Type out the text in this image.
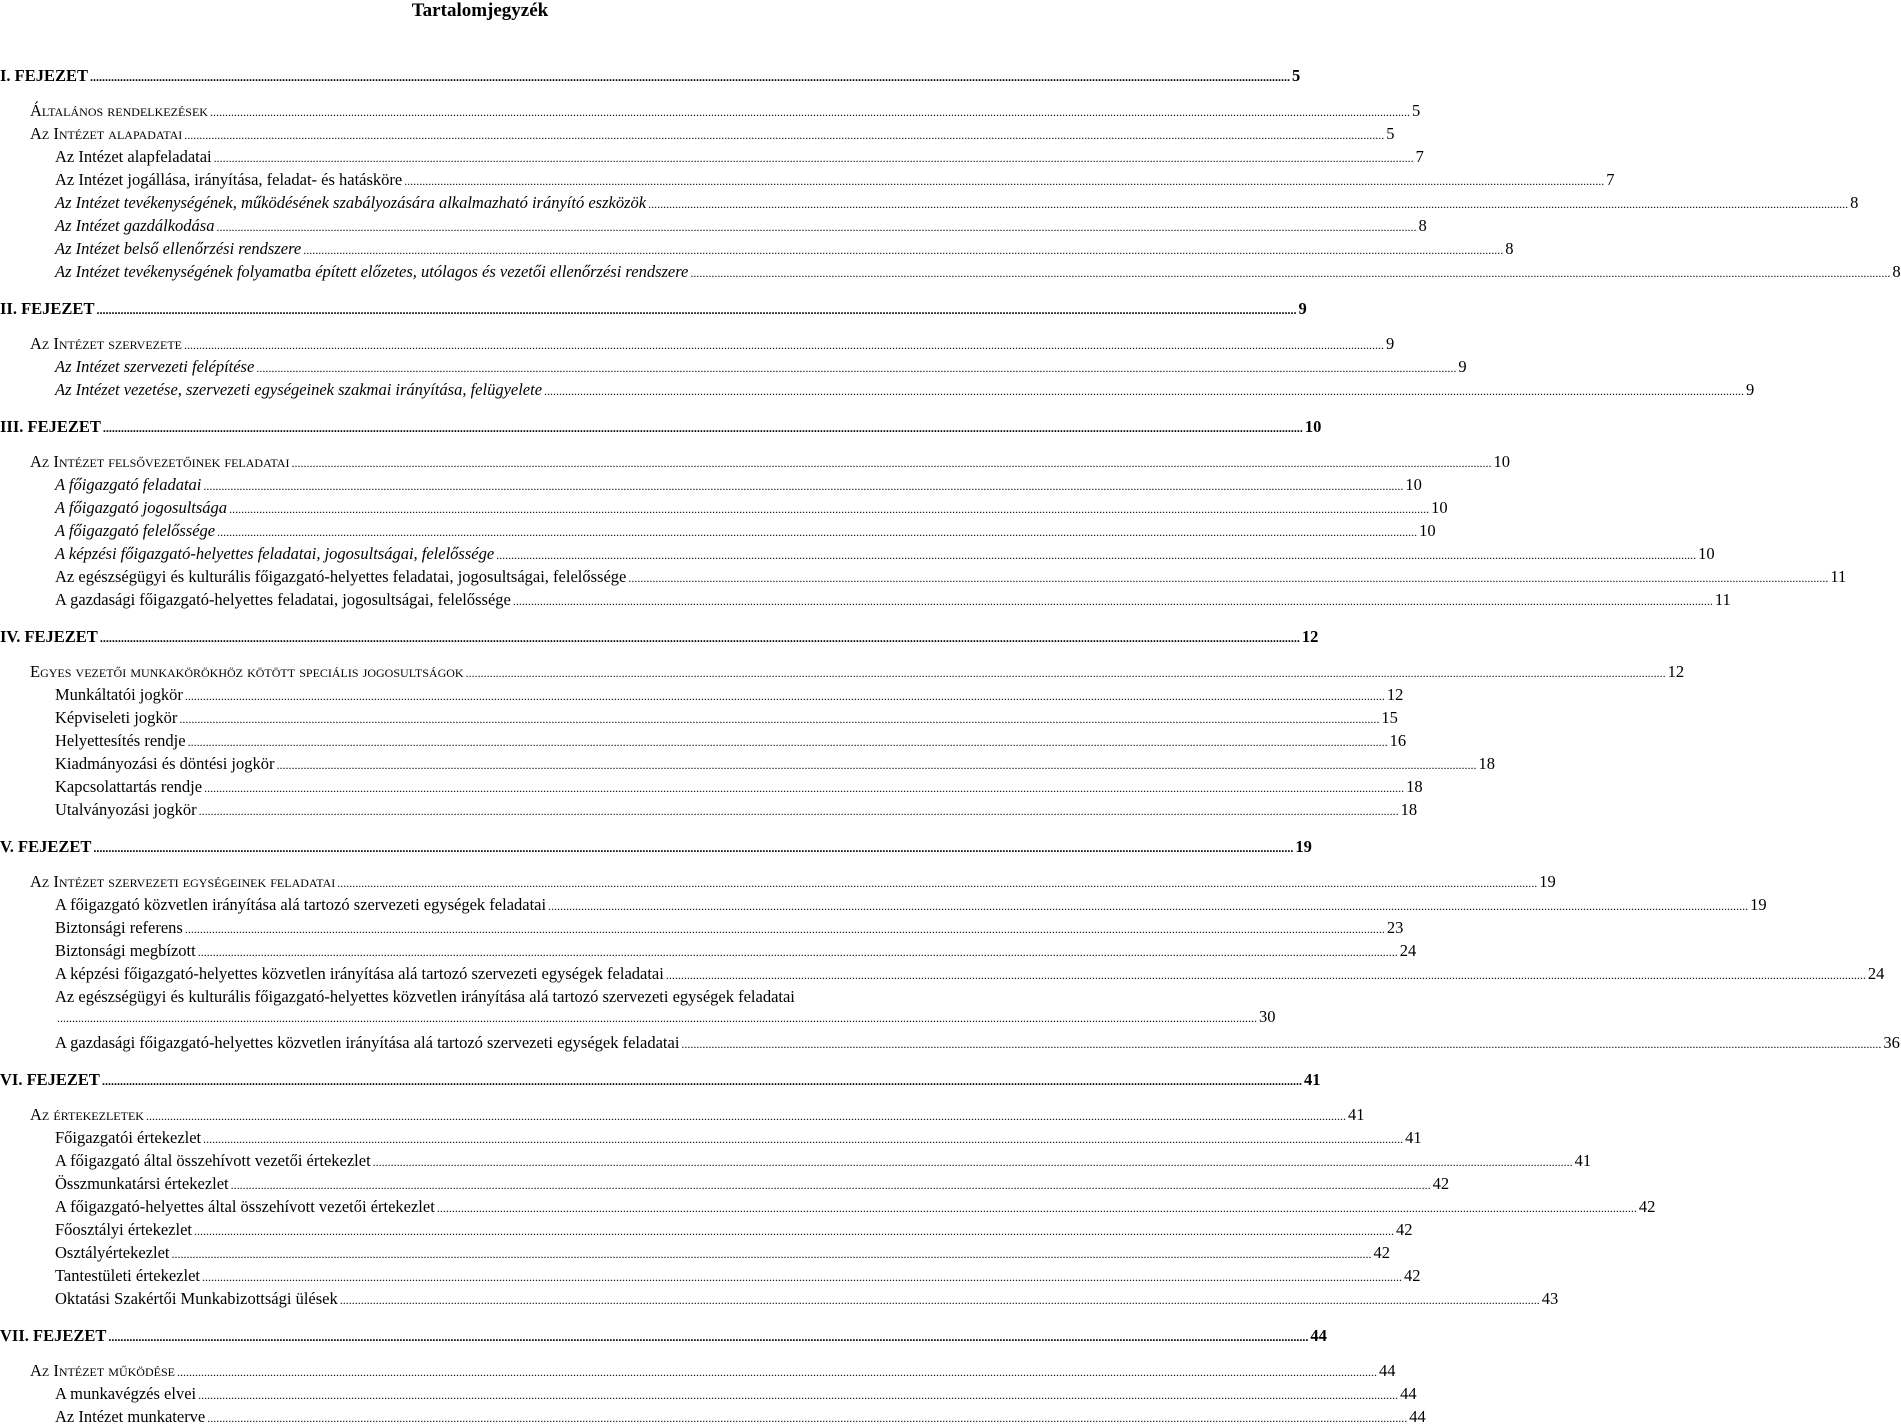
Tartalomjegyzék
I. FEJEZET ................................................................................................................................................................................................................................................................................................................................................................................................................ 5
Általános rendelkezések ................................................................................................................................................................................................................................................................................................................................................................................................................ 5
Az Intézet alapadatai ................................................................................................................................................................................................................................................................................................................................................................................................................ 5
Az Intézet alapfeladatai ................................................................................................................................................................................................................................................................................................................................................................................................................ 7
Az Intézet jogállása, irányítása, feladat- és hatásköre ................................................................................................................................................................................................................................................................................................................................................................................................................ 7
Az Intézet tevékenységének, működésének szabályozására alkalmazható irányító eszközök ................................................................................................................................................................................................................................................................................................................................................................................................................ 8
Az Intézet gazdálkodása ................................................................................................................................................................................................................................................................................................................................................................................................................ 8
Az Intézet belső ellenőrzési rendszere ................................................................................................................................................................................................................................................................................................................................................................................................................ 8
Az Intézet tevékenységének folyamatba épített előzetes, utólagos és vezetői ellenőrzési rendszere ................................................................................................................................................................................................................................................................................................................................................................................................................ 8
II. FEJEZET ................................................................................................................................................................................................................................................................................................................................................................................................................ 9
Az Intézet szervezete ................................................................................................................................................................................................................................................................................................................................................................................................................ 9
Az Intézet szervezeti felépítése ................................................................................................................................................................................................................................................................................................................................................................................................................ 9
Az Intézet vezetése, szervezeti egységeinek szakmai irányítása, felügyelete ................................................................................................................................................................................................................................................................................................................................................................................................................ 9
III. FEJEZET ................................................................................................................................................................................................................................................................................................................................................................................................................ 10
Az Intézet felsővezetőinek feladatai ................................................................................................................................................................................................................................................................................................................................................................................................................ 10
A főigazgató feladatai ................................................................................................................................................................................................................................................................................................................................................................................................................ 10
A főigazgató jogosultsága ................................................................................................................................................................................................................................................................................................................................................................................................................ 10
A főigazgató felelőssége ................................................................................................................................................................................................................................................................................................................................................................................................................ 10
A képzési főigazgató-helyettes feladatai, jogosultságai, felelőssége ................................................................................................................................................................................................................................................................................................................................................................................................................ 10
Az egészségügyi és kulturális főigazgató-helyettes feladatai, jogosultságai, felelőssége ................................................................................................................................................................................................................................................................................................................................................................................................................ 11
A gazdasági főigazgató-helyettes feladatai, jogosultságai, felelőssége ................................................................................................................................................................................................................................................................................................................................................................................................................ 11
IV. FEJEZET ................................................................................................................................................................................................................................................................................................................................................................................................................ 12
Egyes vezetői munkakörökhöz kötött speciális jogosultságok ................................................................................................................................................................................................................................................................................................................................................................................................................ 12
Munkáltatói jogkör ................................................................................................................................................................................................................................................................................................................................................................................................................ 12
Képviseleti jogkör ................................................................................................................................................................................................................................................................................................................................................................................................................ 15
Helyettesítés rendje ................................................................................................................................................................................................................................................................................................................................................................................................................ 16
Kiadmányozási és döntési jogkör ................................................................................................................................................................................................................................................................................................................................................................................................................ 18
Kapcsolattartás rendje ................................................................................................................................................................................................................................................................................................................................................................................................................ 18
Utalványozási jogkör ................................................................................................................................................................................................................................................................................................................................................................................................................ 18
V. FEJEZET ................................................................................................................................................................................................................................................................................................................................................................................................................ 19
Az Intézet szervezeti egységeinek feladatai ................................................................................................................................................................................................................................................................................................................................................................................................................ 19
A főigazgató közvetlen irányítása alá tartozó szervezeti egységek feladatai ................................................................................................................................................................................................................................................................................................................................................................................................................ 19
Biztonsági referens ................................................................................................................................................................................................................................................................................................................................................................................................................ 23
Biztonsági megbízott ................................................................................................................................................................................................................................................................................................................................................................................................................ 24
A képzési főigazgató-helyettes közvetlen irányítása alá tartozó szervezeti egységek feladatai ................................................................................................................................................................................................................................................................................................................................................................................................................ 24
Az egészségügyi és kulturális főigazgató-helyettes közvetlen irányítása alá tartozó szervezeti egységek feladatai
................................................................................................................................................................................................................................................................................................................................................................................................................ 30
A gazdasági főigazgató-helyettes közvetlen irányítása alá tartozó szervezeti egységek feladatai ................................................................................................................................................................................................................................................................................................................................................................................................................ 36
VI. FEJEZET ................................................................................................................................................................................................................................................................................................................................................................................................................ 41
Az értekezletek ................................................................................................................................................................................................................................................................................................................................................................................................................ 41
Főigazgatói értekezlet ................................................................................................................................................................................................................................................................................................................................................................................................................ 41
A főigazgató által összehívott vezetői értekezlet ................................................................................................................................................................................................................................................................................................................................................................................................................ 41
Összmunkatársi értekezlet ................................................................................................................................................................................................................................................................................................................................................................................................................ 42
A főigazgató-helyettes által összehívott vezetői értekezlet ................................................................................................................................................................................................................................................................................................................................................................................................................ 42
Főosztályi értekezlet ................................................................................................................................................................................................................................................................................................................................................................................................................ 42
Osztályértekezlet ................................................................................................................................................................................................................................................................................................................................................................................................................ 42
Tantestületi értekezlet ................................................................................................................................................................................................................................................................................................................................................................................................................ 42
Oktatási Szakértői Munkabizottsági ülések ................................................................................................................................................................................................................................................................................................................................................................................................................ 43
VII. FEJEZET ................................................................................................................................................................................................................................................................................................................................................................................................................ 44
Az Intézet működése ................................................................................................................................................................................................................................................................................................................................................................................................................ 44
A munkavégzés elvei ................................................................................................................................................................................................................................................................................................................................................................................................................ 44
Az Intézet munkaterve ................................................................................................................................................................................................................................................................................................................................................................................................................ 44
